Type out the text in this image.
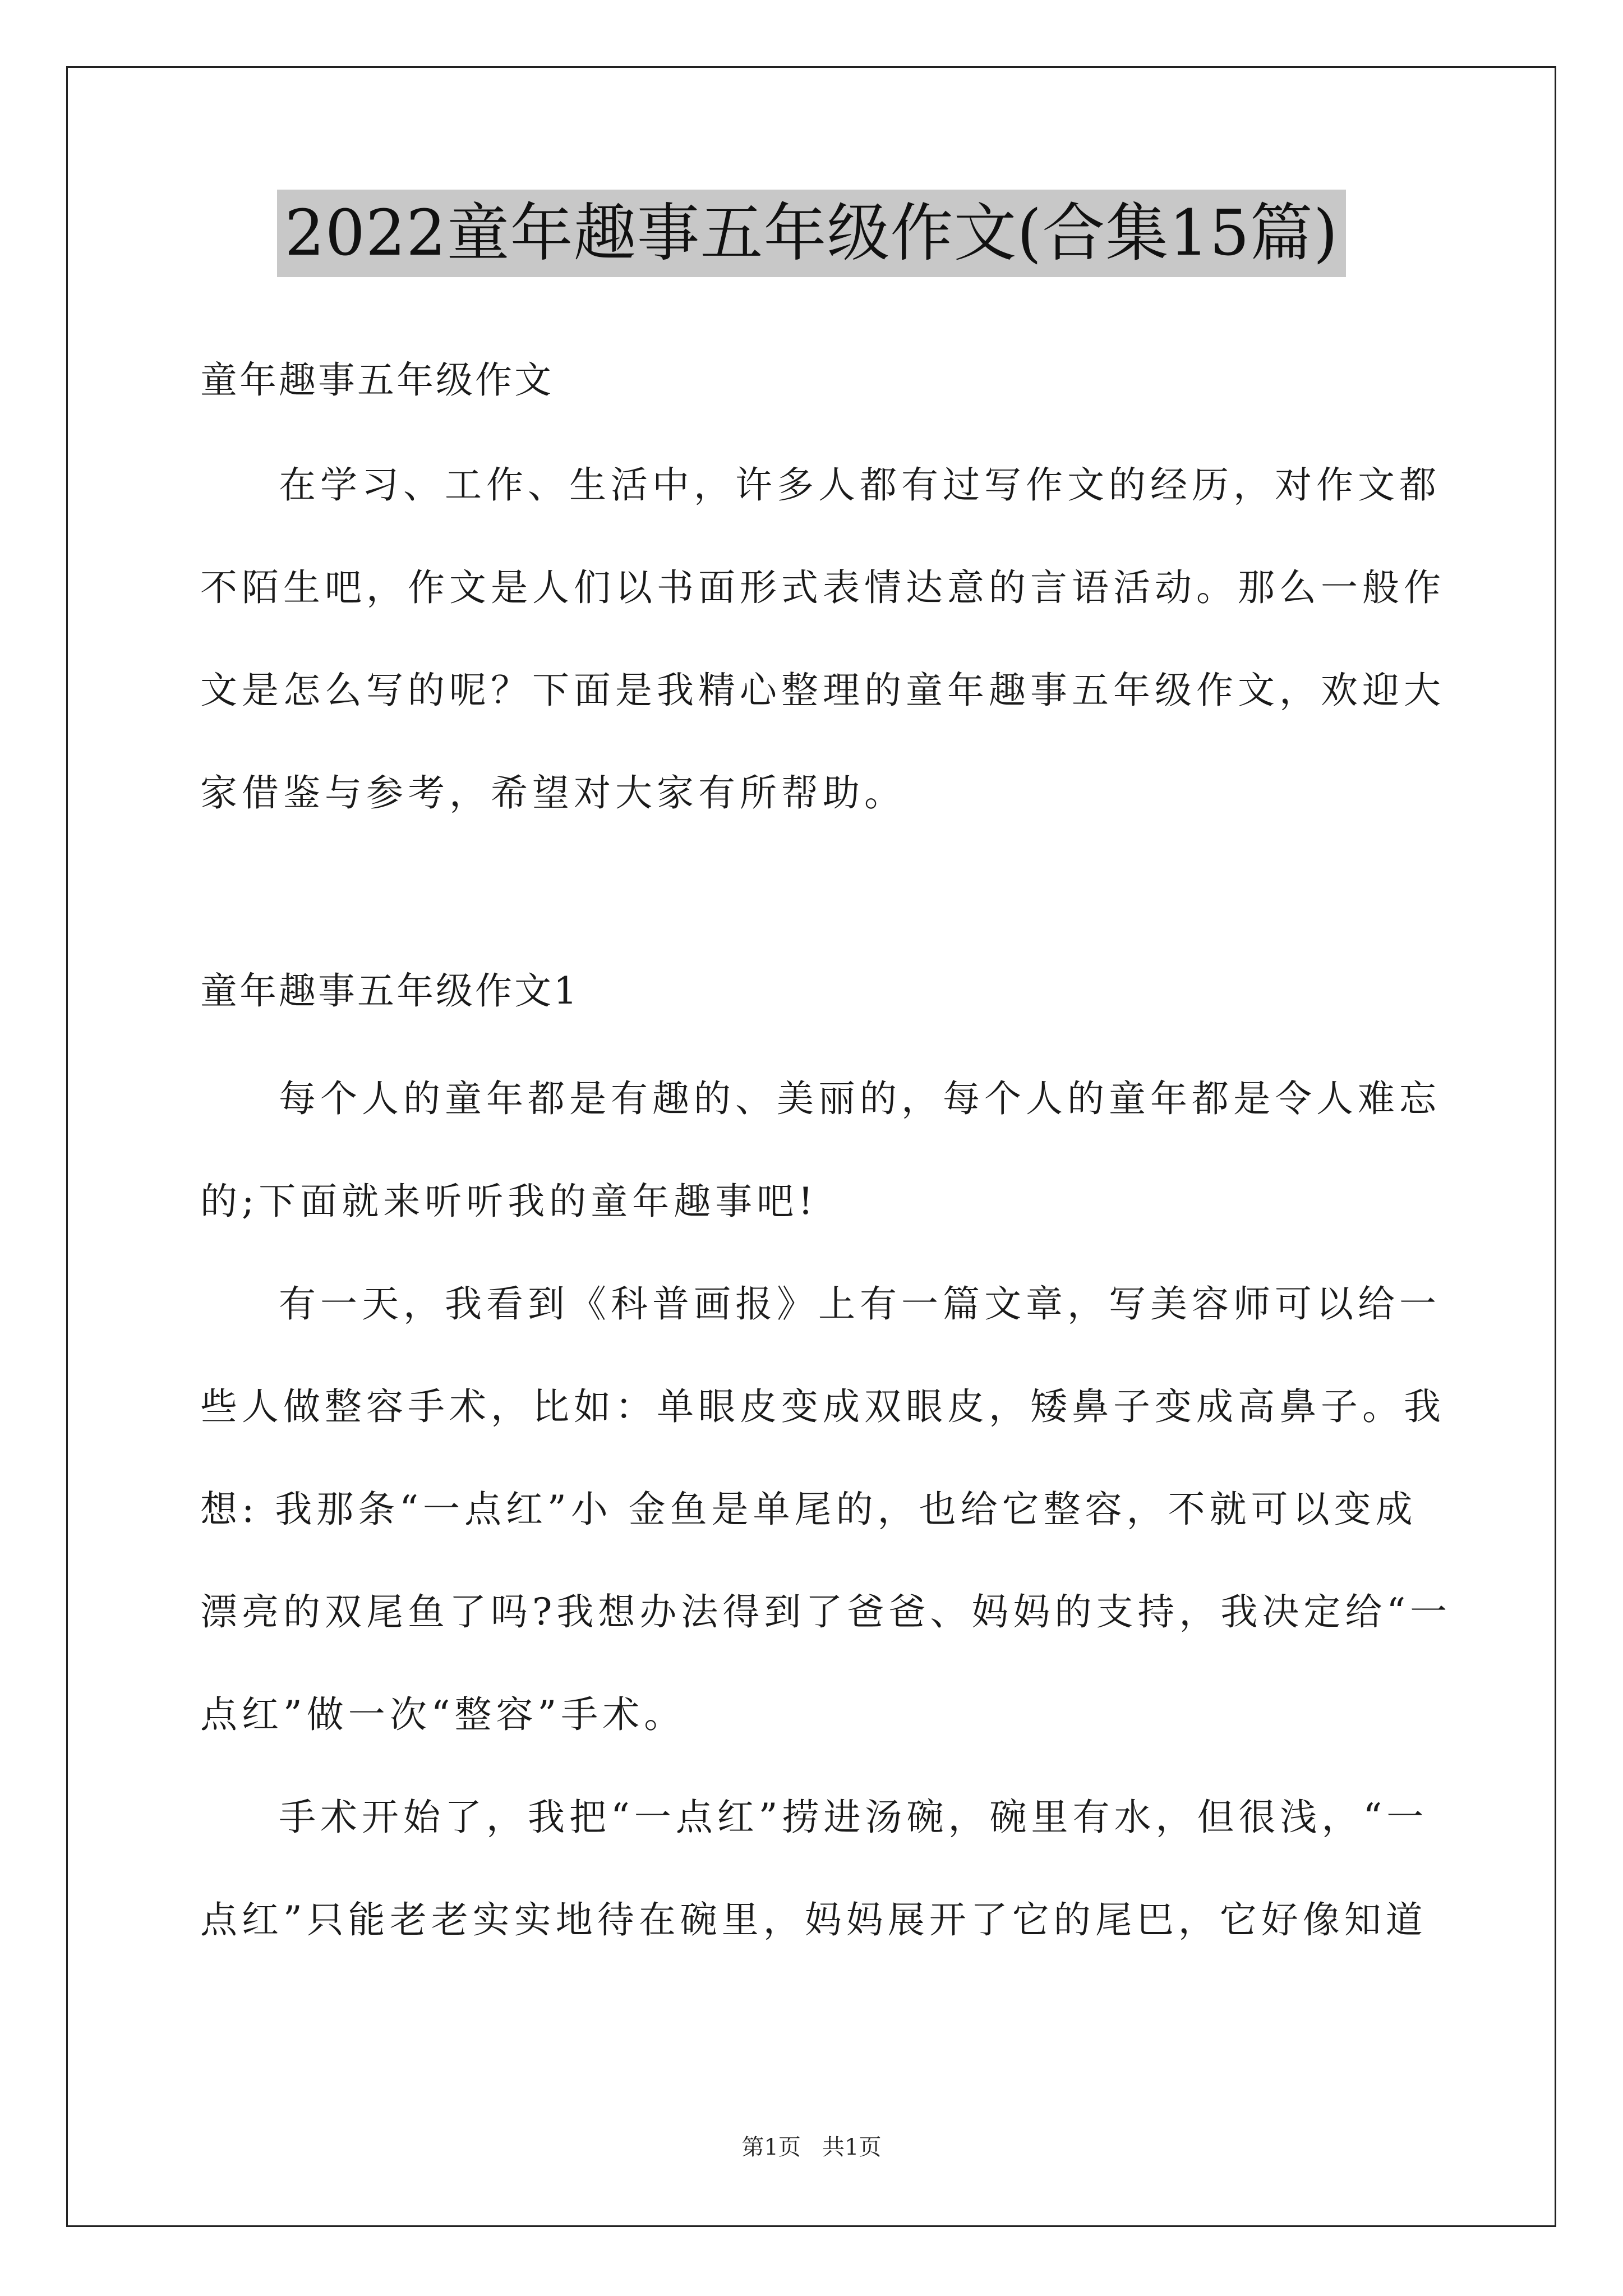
2022童年趣事五年级作文(合集15篇)
童年趣事五年级作文
在学习、工作、生活中，许多人都有过写作文的经历，对作文都
不陌生吧，作文是人们以书面形式表情达意的言语活动。那么一般作
文是怎么写的呢？下面是我精心整理的童年趣事五年级作文，欢迎大
家借鉴与参考，希望对大家有所帮助。
童年趣事五年级作文1
每个人的童年都是有趣的、美丽的，每个人的童年都是令人难忘
的;下面就来听听我的童年趣事吧!
有一天，我看到《科普画报》上有一篇文章，写美容师可以给一
些人做整容手术，比如：单眼皮变成双眼皮，矮鼻子变成高鼻子。我
想: 我那条“一点红”小 金鱼是单尾的，也给它整容，不就可以变成
漂亮的双尾鱼了吗?我想办法得到了爸爸、妈妈的支持，我决定给“一
点红”做一次“整容”手术。
手术开始了，我把“一点红”捞进汤碗，碗里有水，但很浅，“一
点红”只能老老实实地待在碗里，妈妈展开了它的尾巴，它好像知道
第1页   共1页
